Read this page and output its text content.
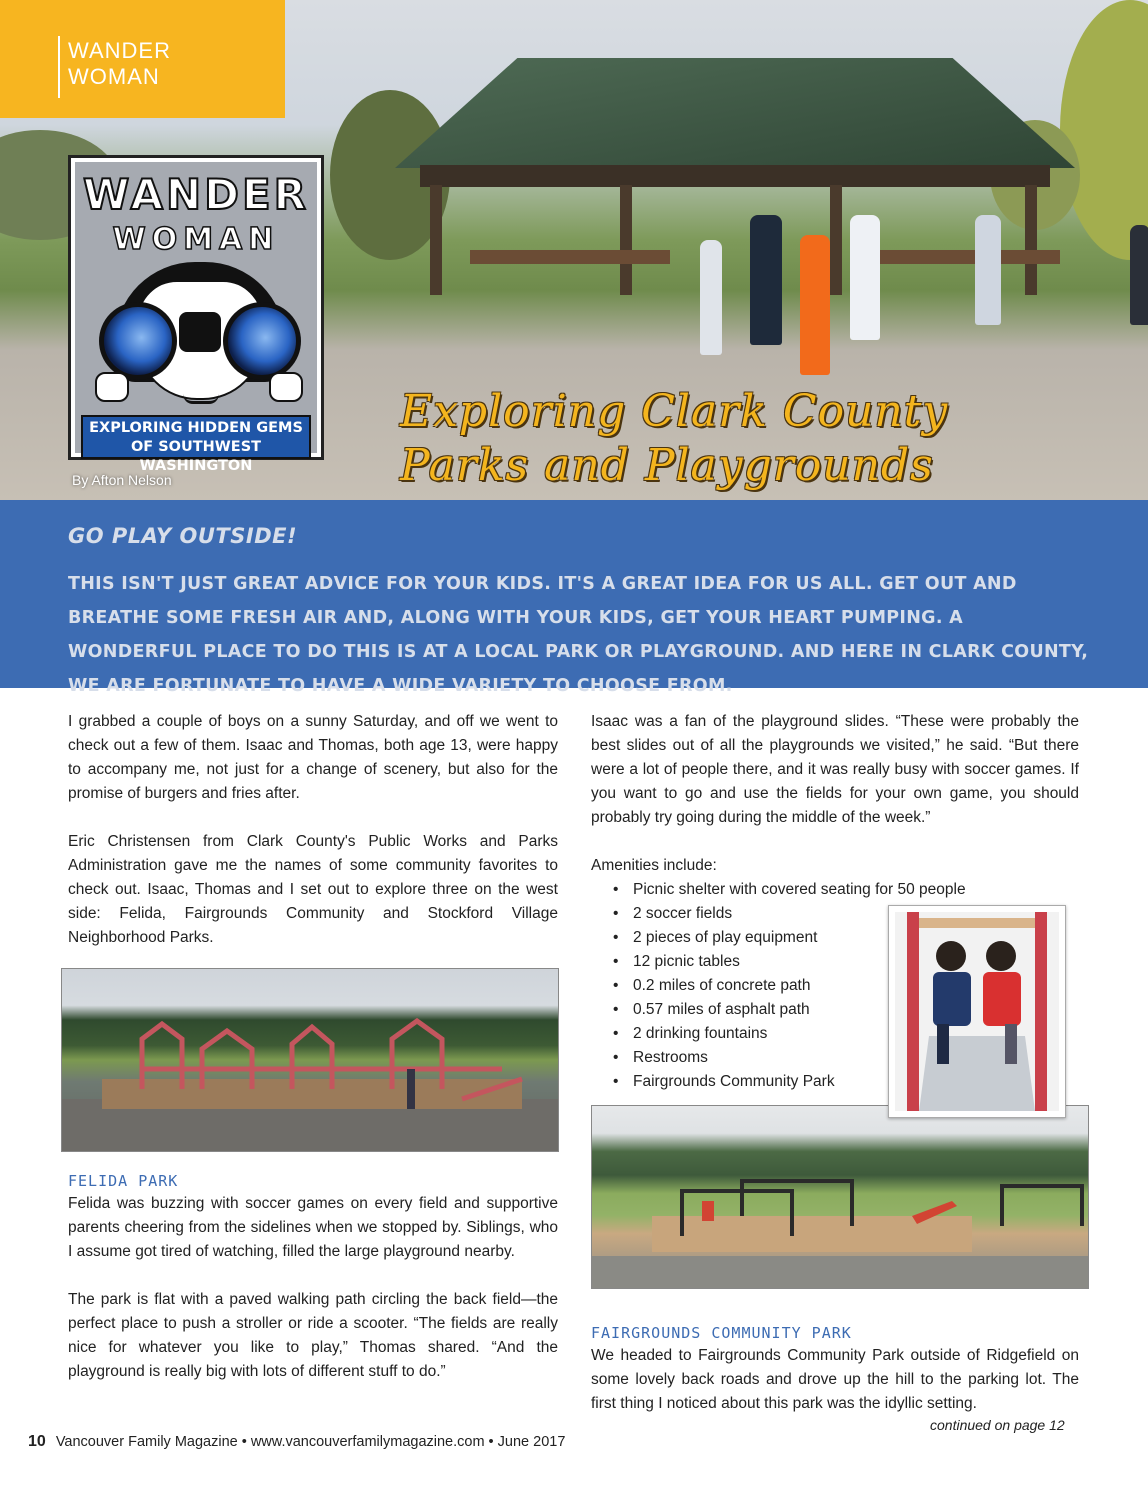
WANDER
WOMAN
WANDER
WOMAN
EXPLORING HIDDEN GEMS
OF SOUTHWEST WASHINGTON
By Afton Nelson
Exploring Clark County
Parks and Playgrounds
GO PLAY OUTSIDE!
THIS ISN'T JUST GREAT ADVICE FOR YOUR KIDS. IT'S A GREAT IDEA FOR US ALL. GET OUT AND BREATHE SOME FRESH AIR AND, ALONG WITH YOUR KIDS, GET YOUR HEART PUMPING. A WONDERFUL PLACE TO DO THIS IS AT A LOCAL PARK OR PLAYGROUND. AND HERE IN CLARK COUNTY, WE ARE FORTUNATE TO HAVE A WIDE VARIETY TO CHOOSE FROM.

I grabbed a couple of boys on a sunny Saturday, and off we went to check out a few of them. Isaac and Thomas, both age 13, were happy to accompany me, not just for a change of scenery, but also for the promise of burgers and fries after.

Eric Christensen from Clark County's Public Works and Parks Administration gave me the names of some community favorites to check out. Isaac, Thomas and I set out to explore three on the west side: Felida, Fairgrounds Community and Stockford Village Neighborhood Parks.

FELIDA PARK

Felida was buzzing with soccer games on every field and supportive parents cheering from the sidelines when we stopped by. Siblings, who I assume got tired of watching, filled the large playground nearby.

The park is flat with a paved walking path circling the back field—the perfect place to push a stroller or ride a scooter. “The fields are really nice for whatever you like to play,” Thomas shared. “And the playground is really big with lots of different stuff to do.”

Isaac was a fan of the playground slides. “These were probably the best slides out of all the playgrounds we visited,” he said. “But there were a lot of people there, and it was really busy with soccer games. If you want to go and use the fields for your own game, you should probably try going during the middle of the week.”

Amenities include:
• Picnic shelter with covered seating for 50 people
• 2 soccer fields
• 2 pieces of play equipment
• 12 picnic tables
• 0.2 miles of concrete path
• 0.57 miles of asphalt path
• 2 drinking fountains
• Restrooms
• Fairgrounds Community Park
FAIRGROUNDS COMMUNITY PARK

We headed to Fairgrounds Community Park outside of Ridgefield on some lovely back roads and drove up the hill to the parking lot. The first thing I noticed about this park was the idyllic setting.

continued on page 12
10 Vancouver Family Magazine • www.vancouverfamilymagazine.com • June 2017
